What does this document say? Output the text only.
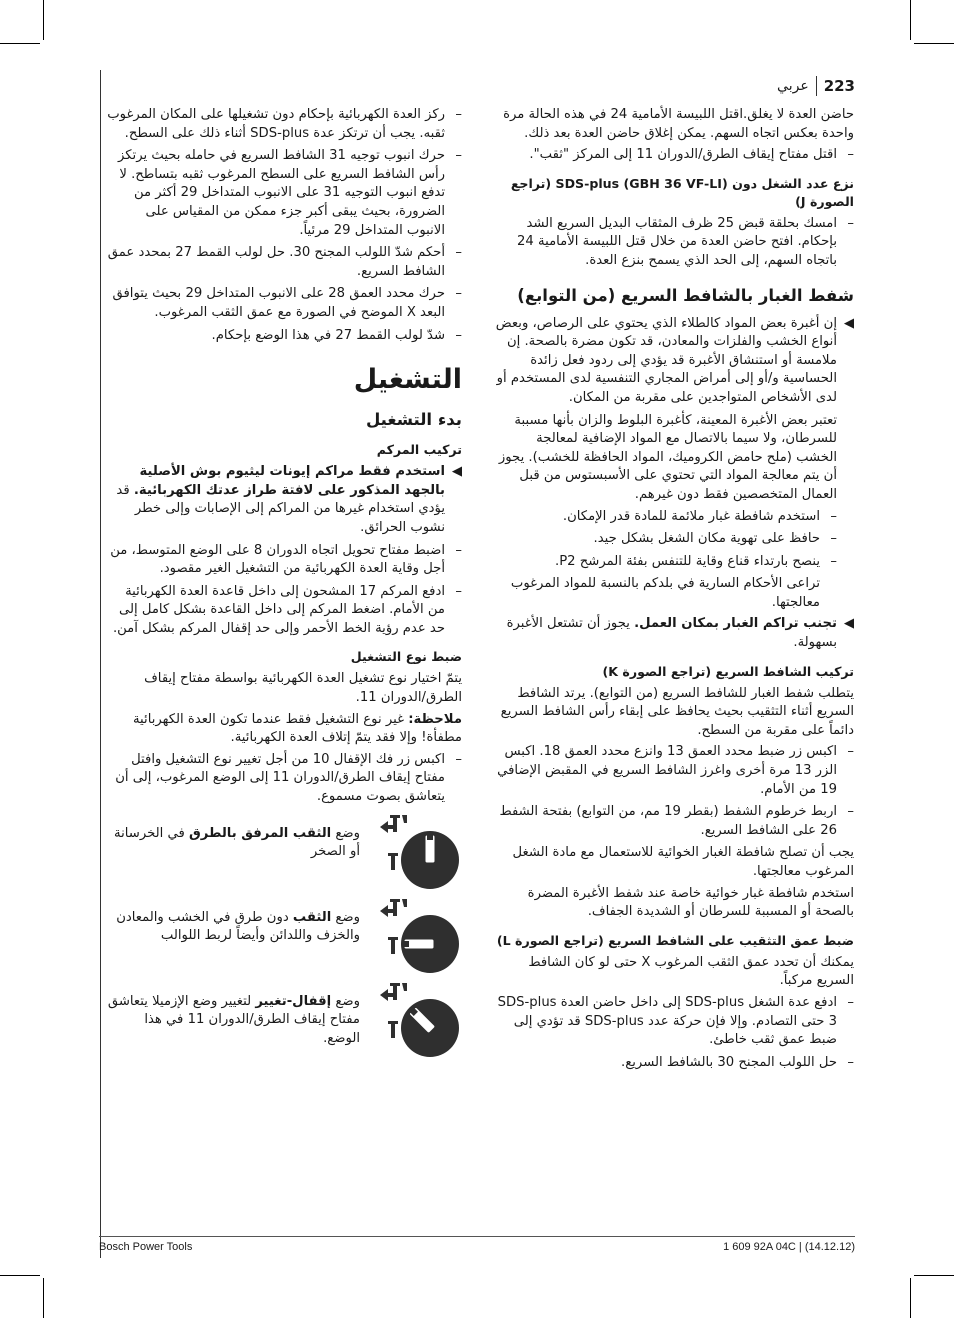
223
عربي

حاضن العدة لا يغلق.اقتل اللبيسة الأمامية 24 في هذه الحالة مرة واحدة بعكس اتجاه السهم. يمكن إغلاق حاضن العدة بعد ذلك.

–
اقتل مفتاح إيقاف الطرق/الدوران 11 إلى المركز "ثقب".
نزع عدد الشغل دون SDS-plus (GBH 36 VF-LI) (تراجع الصورة J)
–
امسك بحلقة قبض 25 ظرف المثقاب البديل السريع الشد بإحكام. افتح حاضن العدة من خلال قتل اللبيسة الأمامية 24 باتجاه السهم، إلى الحد الذي يسمح بنزع العدة.
شفط الغبار بالشافط السريع (من التوابع)
◀
إن أغبرة بعض المواد كالطلاء الذي يحتوي على الرصاص، وبعض أنواع الخشب والفلزات والمعادن، قد تكون مضرة بالصحة. إن ملامسة أو استنشاق الأغبرة قد يؤدي إلى ردود فعل زائدة الحساسية و/أو إلى أمراض المجاري التنفسية لدى المستخدم أو لدى الأشخاص المتواجدين على مقربة من المكان.

تعتبر بعض الأغبرة المعينة، كأغبرة البلوط والزان بأنها مسببة للسرطان، ولا سيما بالاتصال مع المواد الإضافية لمعالجة الخشب (ملح حامض الكروميك، المواد الحافظة للخشب). يجوز أن يتم معالجة المواد التي تحتوي على الأسبستوس من قبل العمال المتخصصين فقط دون غيرهم.

–
استخدم شافطة غبار ملائمة للمادة قدر الإمكان.
–
حافظ على تهوية مكان الشغل بشكل جيد.
–
ينصح بارتداء قناع وقاية للتنفس بفئة المرشح P2.

تراعى الأحكام السارية في بلدكم بالنسبة للمواد المرغوب معالجتها.

◀
تجنب تراكم الغبار بمكان العمل. يجوز أن تشتعل الأغبرة بسهولة.
تركيب الشافط السريع (تراجع الصورة K)

يتطلب شفط الغبار للشافط السريع (من التوابع). يرتد الشافط السريع أثناء التثقيب بحيث يحافظ على إبقاء رأس الشافط السريع دائماً على مقربة من السطح.

–
اكبس زر ضبط محدد العمق 13 وانزع محدد العمق 18. اكبس الزر 13 مرة أخرى واغرز الشافط السريع في المقبض الإضافي 19 من الأمام.
–
اربط خرطوم الشفط (بقطر 19 مم، من التوابع) بفتحة الشفط 26 على الشافط السريع.

يجب أن تصلح شافطة الغبار الخوائية للاستعمال مع مادة الشغل المرغوب معالجتها.

استخدم شافطة غبار خوائية خاصة عند شفط الأغبرة المضرة بالصحة أو المسببة للسرطان أو الشديدة الجفاف.

ضبط عمق التثقيب على الشافط السريع (تراجع الصورة L)

يمكنك أن تحدد عمق الثقب المرغوب X حتى لو كان الشافط السريع مركباً.

–
ادفع عدة الشغل SDS-plus إلى داخل حاضن العدة SDS-plus 3 حتى التصادم. وإلا فإن حركة عدد SDS-plus قد تؤدي إلى ضبط عمق ثقب خاطئ.
–
حل اللولب المجنح 30 بالشافط السريع.
–
ركز العدة الكهربائية بإحكام دون تشغيلها على المكان المرغوب ثقبه. يجب أن ترتكز عدة SDS-plus أثناء ذلك على السطح.
–
حرك انبوب توجيه 31 الشافط السريع في حامله بحيث يرتكز رأس الشافط السريع على السطح المرغوب ثقبه بتساطح. لا تدفع انبوب التوجيه 31 على الانبوب المتداخل 29 أكثر من الضرورة، بحيث يبقى أكبر جزء ممكن من المقياس على الانبوب المتداخل 29 مرئياً.
–
أحكم شدّ اللولب المجنح 30. حل لولب القمط 27 بمحدد عمق الشافط السريع.
–
حرك محدد العمق 28 على الانبوب المتداخل 29 بحيث يتوافق البعد X الموضح في الصورة مع عمق الثقب المرغوب.
–
شدّ لولب القمط 27 في هذا الوضع بإحكام.
التشغيل
بدء التشغيل
تركيب المركم
◀
استخدم فقط مراكم إيونات ليثيوم بوش الأصلية بالجهد المذكور على لافتة طراز عدتك الكهربائية. قد يؤدي استخدام غيرها من المراكم إلى الإصابات وإلى خطر نشوب الحرائق.
–
اضبط مفتاح تحويل اتجاه الدوران 8 على الوضع المتوسط، من أجل وقاية العدة الكهربائية من التشغيل الغير مقصود.
–
ادفع المركم 17 المشحون إلى داخل قاعدة العدة الكهربائية من الأمام. اضغط المركم إلى داخل القاعدة بشكل كامل إلى حد عدم رؤية الخط الأحمر وإلى حد إقفال المركم بشكل آمن.
ضبط نوع التشغيل

يتمّ اختيار نوع تشغيل العدة الكهربائية بواسطة مفتاح إيقاف الطرق/الدوران 11.

ملاحظة: غير نوع التشغيل فقط عندما تكون العدة الكهربائية مطفأة! وإلا فقد يتمّ إتلاف العدة الكهربائية.

–
اكبس زر فك الإقفال 10 من أجل تغيير نوع التشغيل وافتل مفتاح إيقاف الطرق/الدوران 11 إلى الوضع المرغوب، إلى أن يتعاشق بصوت مسموع.
وضع الثقب المرفق بالطرق في الخرسانة أو الصخر
وضع الثقب دون طرق في الخشب والمعادن والخزف واللدائن وأيضاً لربط اللوالب
وضع إقفال-تغيير لتغيير وضع الإزميلا يتعاشق مفتاح إيقاف الطرق/الدوران 11 في هذا الوضع.
Bosch Power Tools	1 609 92A 04C | (14.12.12)
